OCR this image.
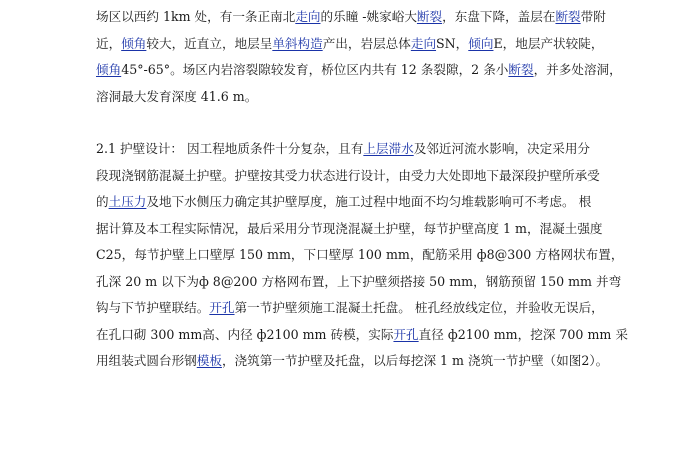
场区以西约 1km 处，有一条正南北走向的乐瞳 -姚家峪大断裂，东盘下降，盖层在断裂带附

近，倾角较大，近直立，地层呈单斜构造产出，岩层总体走向SN，倾向E，地层产状较陡，

倾角45°-65°。场区内岩溶裂隙较发育，桥位区内共有 12 条裂隙，2 条小断裂，并多处溶洞，

溶洞最大发育深度 41.6 m。

2.1 护壁设计： 因工程地质条件十分复杂，且有上层滞水及邻近河流水影响，决定采用分

段现浇钢筋混凝土护壁。护壁按其受力状态进行设计，由受力大处即地下最深段护壁所承受

的土压力及地下水侧压力确定其护壁厚度，施工过程中地面不均匀堆载影响可不考虑。 根

据计算及本工程实际情况，最后采用分节现浇混凝土护壁，每节护壁高度 1 m，混凝土强度

C25，每节护壁上口壁厚 150 mm，下口壁厚 100 mm，配筋采用 ф8@300 方格网状布置，

孔深 20 m 以下为ф 8@200 方格网布置，上下护壁须搭接 50 mm，钢筋预留 150 mm 并弯

钩与下节护壁联结。开孔第一节护壁须施工混凝土托盘。 桩孔经放线定位，并验收无误后，

在孔口砌 300 mm高、内径 ф2100 mm 砖模，实际开孔直径 ф2100 mm，挖深 700 mm 采

用组装式圆台形钢模板，浇筑第一节护壁及托盘，以后每挖深 1 m 浇筑一节护壁（如图2）。
